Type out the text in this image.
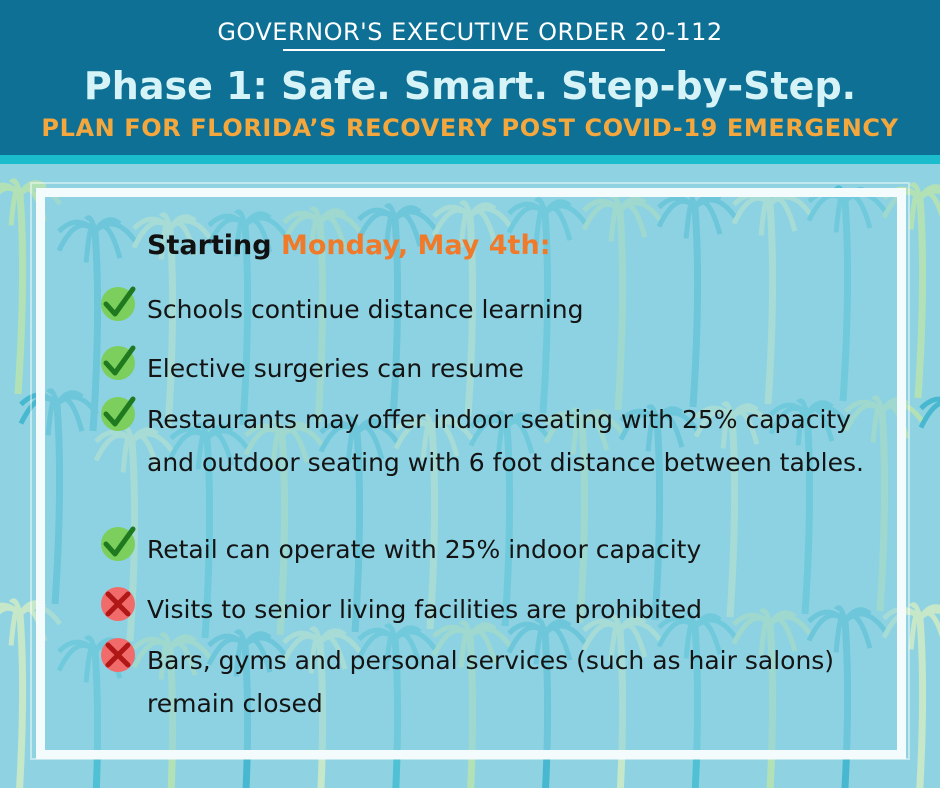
GOVERNOR'S EXECUTIVE ORDER 20-112
Phase 1: Safe. Smart. Step-by-Step.
PLAN FOR FLORIDA’S RECOVERY POST COVID-19 EMERGENCY
Starting Monday, May 4th:
Schools continue distance learning
Elective surgeries can resume
Restaurants may offer indoor seating with 25% capacity and outdoor seating with 6 foot distance between tables.
Retail can operate with 25% indoor capacity
Visits to senior living facilities are prohibited
Bars, gyms and personal services (such as hair salons) remain closed
